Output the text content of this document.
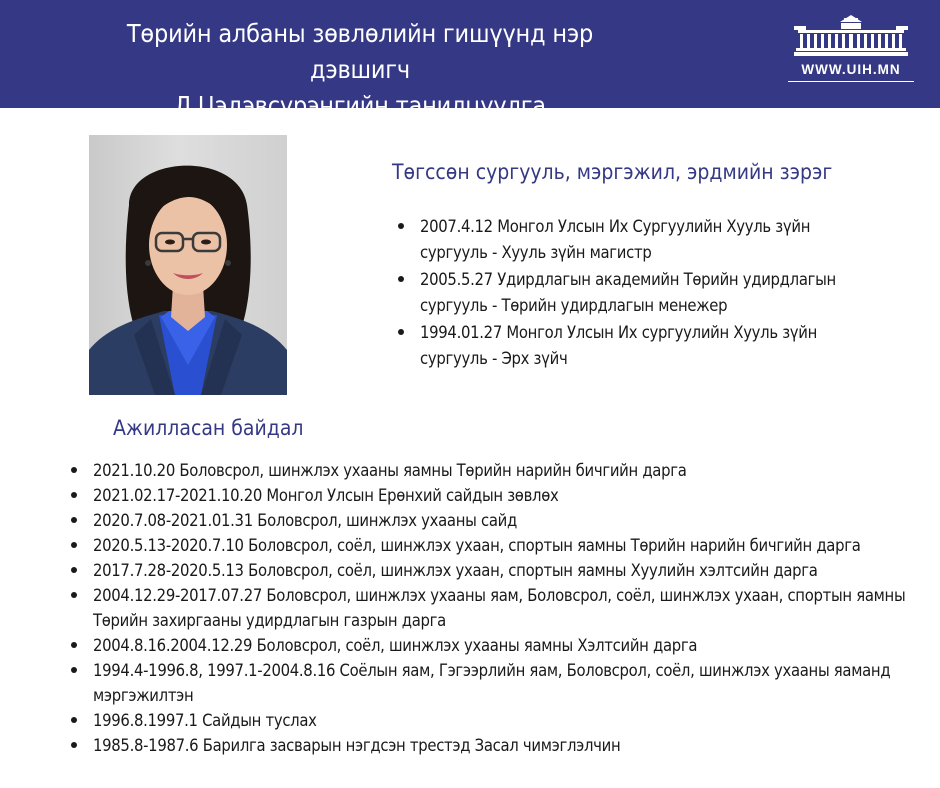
Төрийн албаны зөвлөлийн гишүүнд нэр дэвшигч
Л.Цэдэвсүрэнгийн танилцуулга
WWW.UIH.MN
Төгссөн сургууль, мэргэжил, эрдмийн зэрэг
2007.4.12 Монгол Улсын Их Сургуулийн Хууль зүйн сургууль - Хууль зүйн магистр
2005.5.27 Удирдлагын академийн Төрийн удирдлагын сургууль - Төрийн удирдлагын менежер
1994.01.27 Монгол Улсын Их сургуулийн Хууль зүйн сургууль - Эрх зүйч
Ажилласан байдал
2021.10.20 Боловсрол, шинжлэх ухааны яамны Төрийн нарийн бичгийн дарга
2021.02.17-2021.10.20 Монгол Улсын Ерөнхий сайдын зөвлөх
2020.7.08-2021.01.31 Боловсрол, шинжлэх ухааны сайд
2020.5.13-2020.7.10 Боловсрол, соёл, шинжлэх ухаан, спортын яамны Төрийн нарийн бичгийн дарга
2017.7.28-2020.5.13 Боловсрол, соёл, шинжлэх ухаан, спортын яамны Хуулийн хэлтсийн дарга
2004.12.29-2017.07.27 Боловсрол, шинжлэх ухааны яам, Боловсрол, соёл, шинжлэх ухаан, спортын яамны Төрийн захиргааны удирдлагын газрын дарга
2004.8.16.2004.12.29 Боловсрол, соёл, шинжлэх ухааны яамны Хэлтсийн дарга
1994.4-1996.8, 1997.1-2004.8.16 Соёлын яам, Гэгээрлийн яам, Боловсрол, соёл, шинжлэх ухааны яаманд мэргэжилтэн
1996.8.1997.1 Сайдын туслах
1985.8-1987.6 Барилга засварын нэгдсэн трестэд Засал чимэглэлчин
